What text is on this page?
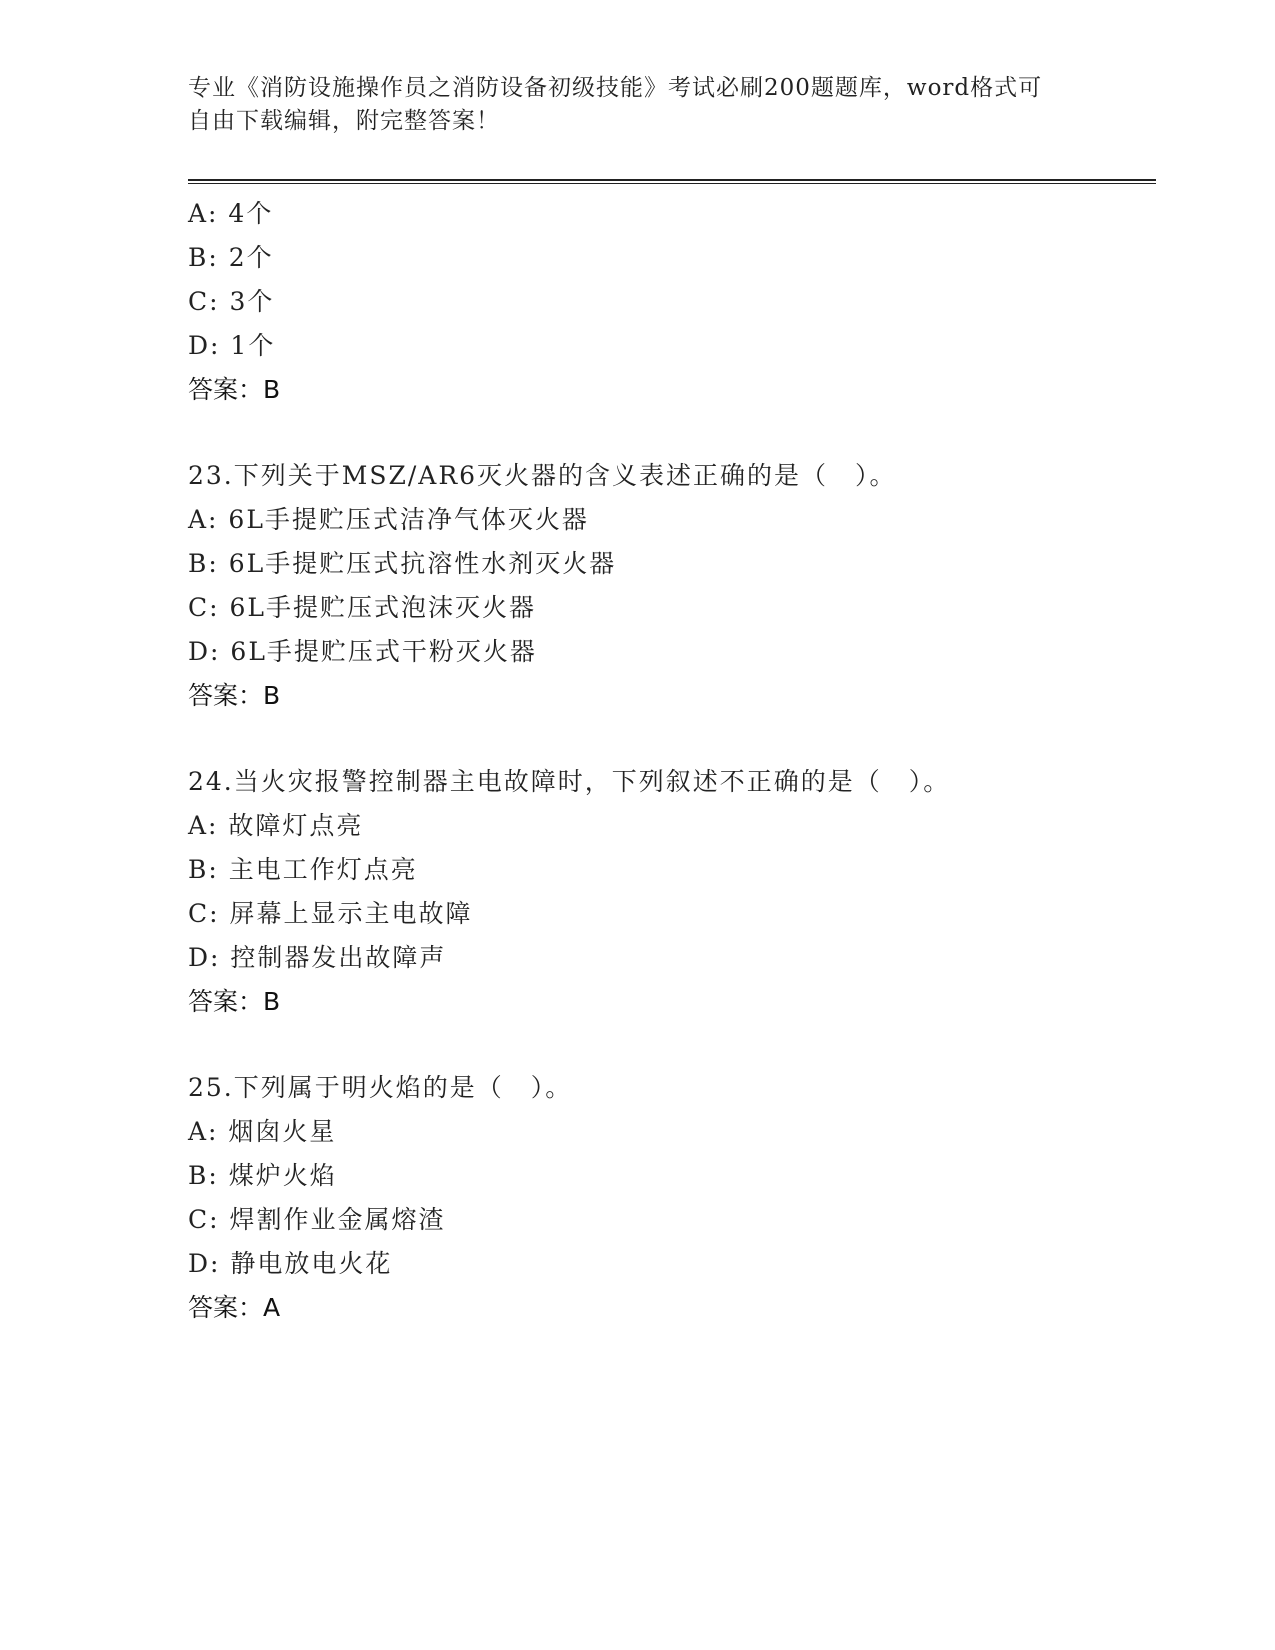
专业《消防设施操作员之消防设备初级技能》考试必刷200题题库，word格式可
自由下载编辑，附完整答案！
A: 4个
B: 2个
C: 3个
D: 1个
答案：B
23.下列关于MSZ/AR6灭火器的含义表述正确的是（　）。
A: 6L手提贮压式洁净气体灭火器
B: 6L手提贮压式抗溶性水剂灭火器
C: 6L手提贮压式泡沫灭火器
D: 6L手提贮压式干粉灭火器
答案：B
24.当火灾报警控制器主电故障时，下列叙述不正确的是（　）。
A: 故障灯点亮
B: 主电工作灯点亮
C: 屏幕上显示主电故障
D: 控制器发出故障声
答案：B
25.下列属于明火焰的是（　）。
A: 烟囱火星
B: 煤炉火焰
C: 焊割作业金属熔渣
D: 静电放电火花
答案：A
